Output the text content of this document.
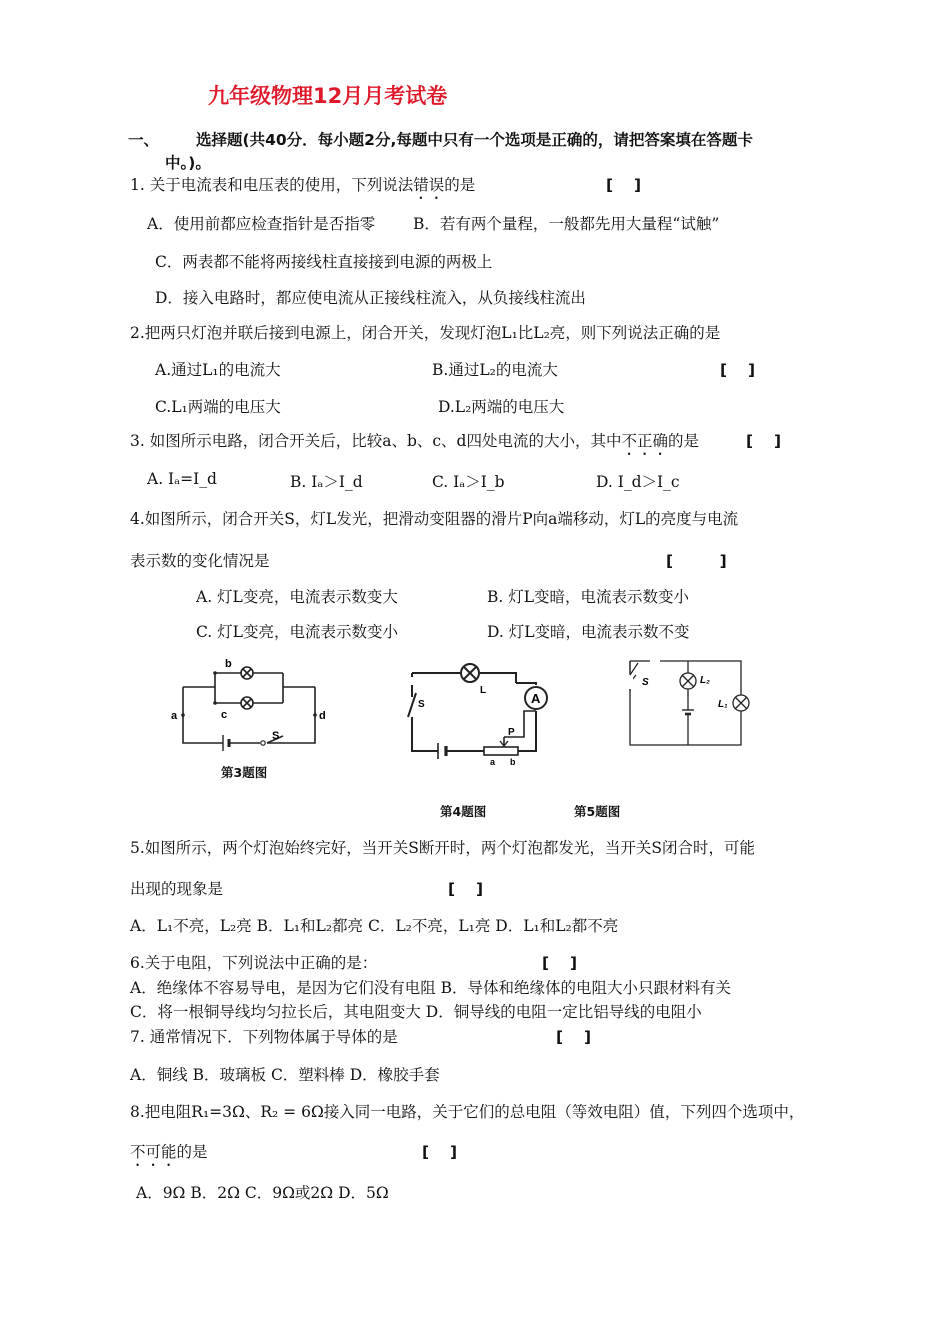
九年级物理12月月考试卷
一、 选择题(共40分．每小题2分,每题中只有一个选项是正确的，请把答案填在答题卡
中。)。
1. 关于电流表和电压表的使用，下列说法错误的是	[　 ]
A．使用前都应检查指针是否指零 B．若有两个量程，一般都先用大量程“试触”
C．两表都不能将两接线柱直接接到电源的两极上
D．接入电路时，都应使电流从正接线柱流入，从负接线柱流出
2.把两只灯泡并联后接到电源上，闭合开关，发现灯泡L₁比L₂亮，则下列说法正确的是
A.通过L₁的电流大	B.通过L₂的电流大	[　 ]
C.L₁两端的电压大	D.L₂两端的电压大
3. 如图所示电路，闭合开关后，比较a、b、c、d四处电流的大小，其中不正确的是	[　 ]
A. Iₐ=I_d	B. Iₐ＞I_d	C. Iₐ＞I_b	D. I_d＞I_c
4.如图所示，闭合开关S，灯L发光，把滑动变阻器的滑片P向a端移动，灯L的亮度与电流
表示数的变化情况是	[　　　]
A. 灯L变亮，电流表示数变大	B. 灯L变暗，电流表示数变小
C. 灯L变亮，电流表示数变小	D. 灯L变暗，电流表示数不变
b
c
a	d
S
第3题图
A
S
L
P
a b
第4题图
S	L₂
L₁
第5题图
5.如图所示，两个灯泡始终完好，当开关S断开时，两个灯泡都发光，当开关S闭合时，可能
出现的现象是	[　 ]
A．L₁不亮，L₂亮 B．L₁和L₂都亮 C．L₂不亮，L₁亮 D．L₁和L₂都不亮
6.关于电阻，下列说法中正确的是：	[　 ]
A．绝缘体不容易导电，是因为它们没有电阻 B．导体和绝缘体的电阻大小只跟材料有关
C．将一根铜导线均匀拉长后，其电阻变大 D．铜导线的电阻一定比铝导线的电阻小
7. 通常情况下．下列物体属于导体的是	[　 ]
A．铜线 B．玻璃板 C．塑料棒 D．橡胶手套
8.把电阻R₁=3Ω、R₂ = 6Ω接入同一电路，关于它们的总电阻（等效电阻）值，下列四个选项中，
不可能的是	[　 ]
A．9Ω B．2Ω C．9Ω或2Ω D．5Ω
